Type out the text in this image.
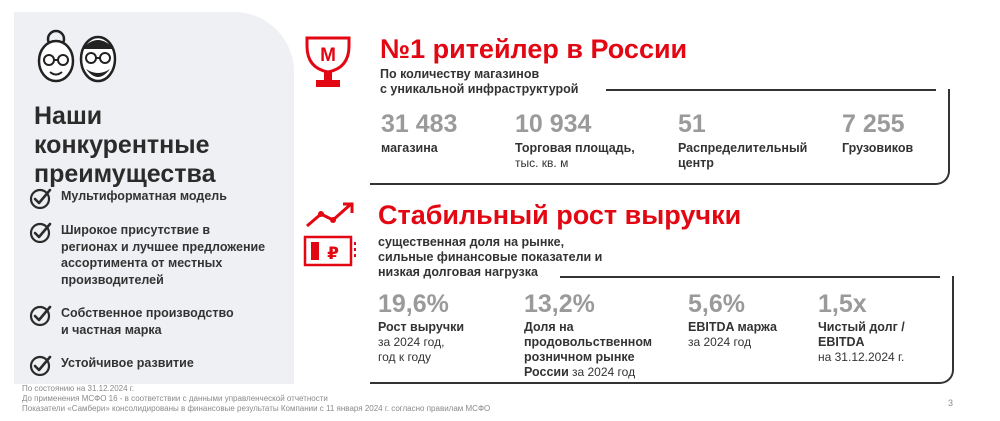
Наши
конкурентные
преимущества
Мультиформатная модель
Широкое присутствие в
регионах и лучшее предложение
ассортимента от местных
производителей
Собственное производство
и частная марка
Устойчивое развитие
М №1 ритейлер в России
По количеству магазинов
с уникальной инфраструктурой
31 483
магазина
10 934
Торговая площадь,
тыс. кв. м
51
Распределительный
центр
7 255
Грузовиков
₽
Стабильный рост выручки
существенная доля на рынке,
сильные финансовые показатели и
низкая долговая нагрузка
19,6%
Рост выручки
за 2024 год,
год к году
13,2%
Доля на
продовольственном
розничном рынке
России за 2024 год
5,6%
EBITDA маржа
за 2024 год
1,5x
Чистый долг /
EBITDA
на 31.12.2024 г.
По состоянию на 31.12.2024 г.
До применения МСФО 16 - в соответствии с данными управленческой отчетности
Показатели «Самбери» консолидированы в финансовые результаты Компании с 11 января 2024 г. согласно правилам МСФО
3
